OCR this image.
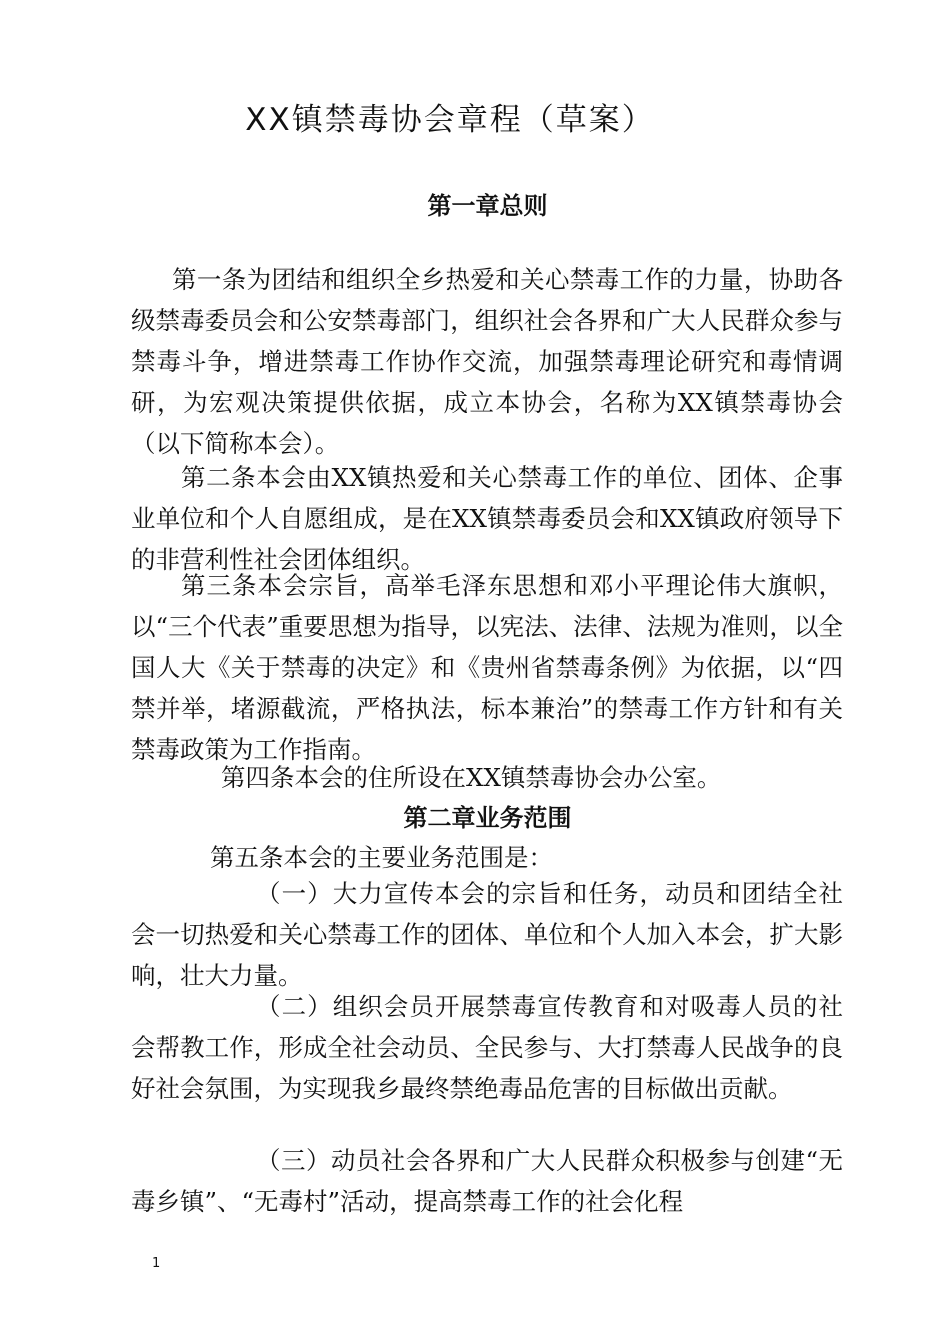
XX镇禁毒协会章程（草案）
第一章总则

第一条为团结和组织全乡热爱和关心禁毒工作的力量，协助各级禁毒委员会和公安禁毒部门，组织社会各界和广大人民群众参与禁毒斗争，增进禁毒工作协作交流，加强禁毒理论研究和毒情调研，为宏观决策提供依据，成立本协会，名称为XX镇禁毒协会（以下简称本会）。

第二条本会由XX镇热爱和关心禁毒工作的单位、团体、企事业单位和个人自愿组成，是在XX镇禁毒委员会和XX镇政府领导下的非营利性社会团体组织。

第三条本会宗旨，高举毛泽东思想和邓小平理论伟大旗帜，以“三个代表”重要思想为指导，以宪法、法律、法规为准则，以全国人大《关于禁毒的决定》和《贵州省禁毒条例》为依据，以“四禁并举，堵源截流，严格执法，标本兼治”的禁毒工作方针和有关禁毒政策为工作指南。

第四条本会的住所设在XX镇禁毒协会办公室。

第二章业务范围

第五条本会的主要业务范围是：

（一）大力宣传本会的宗旨和任务，动员和团结全社会一切热爱和关心禁毒工作的团体、单位和个人加入本会，扩大影响，壮大力量。

（二）组织会员开展禁毒宣传教育和对吸毒人员的社会帮教工作，形成全社会动员、全民参与、大打禁毒人民战争的良好社会氛围，为实现我乡最终禁绝毒品危害的目标做出贡献。

（三）动员社会各界和广大人民群众积极参与创建“无毒乡镇”、“无毒村”活动，提高禁毒工作的社会化程

1
